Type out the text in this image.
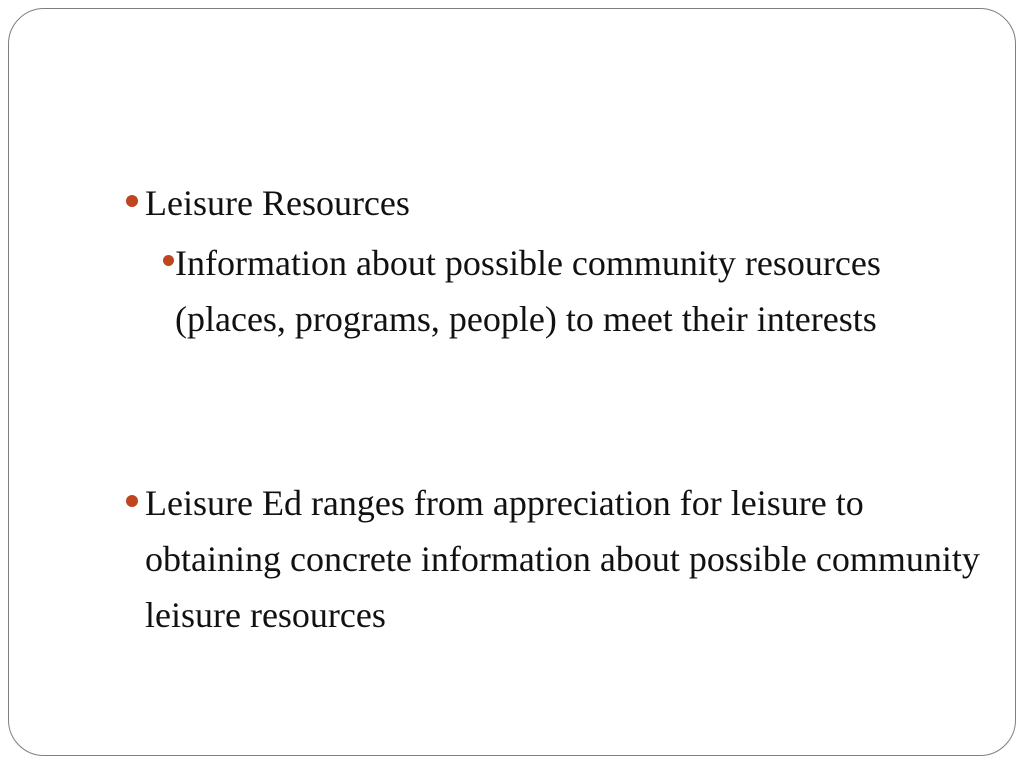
Leisure Resources
Information about possible community resources (places, programs, people) to meet their interests
Leisure Ed ranges from appreciation for leisure to obtaining concrete information about possible community leisure resources
